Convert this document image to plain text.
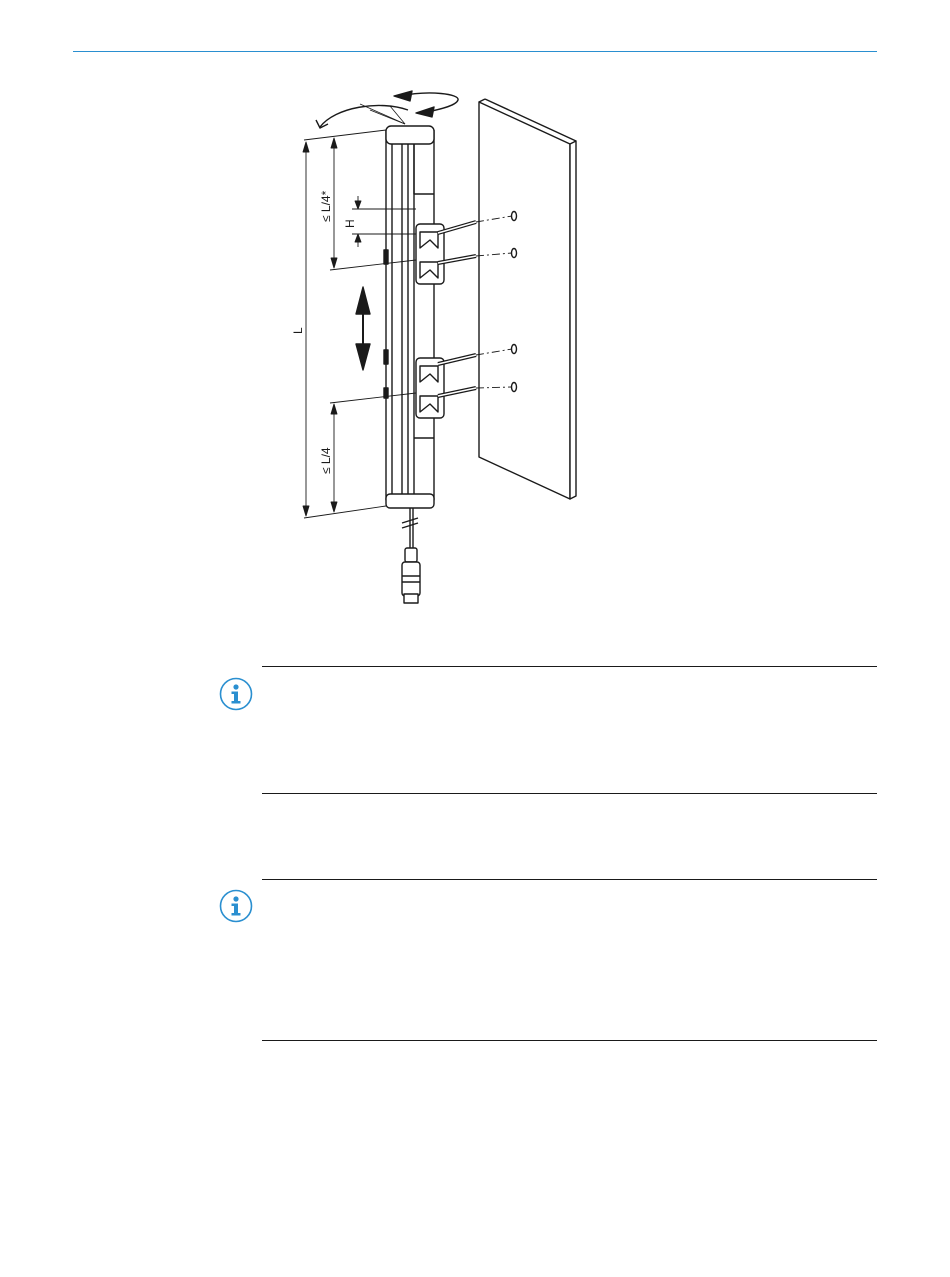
L
≤ L/4*
≤ L/4
H
